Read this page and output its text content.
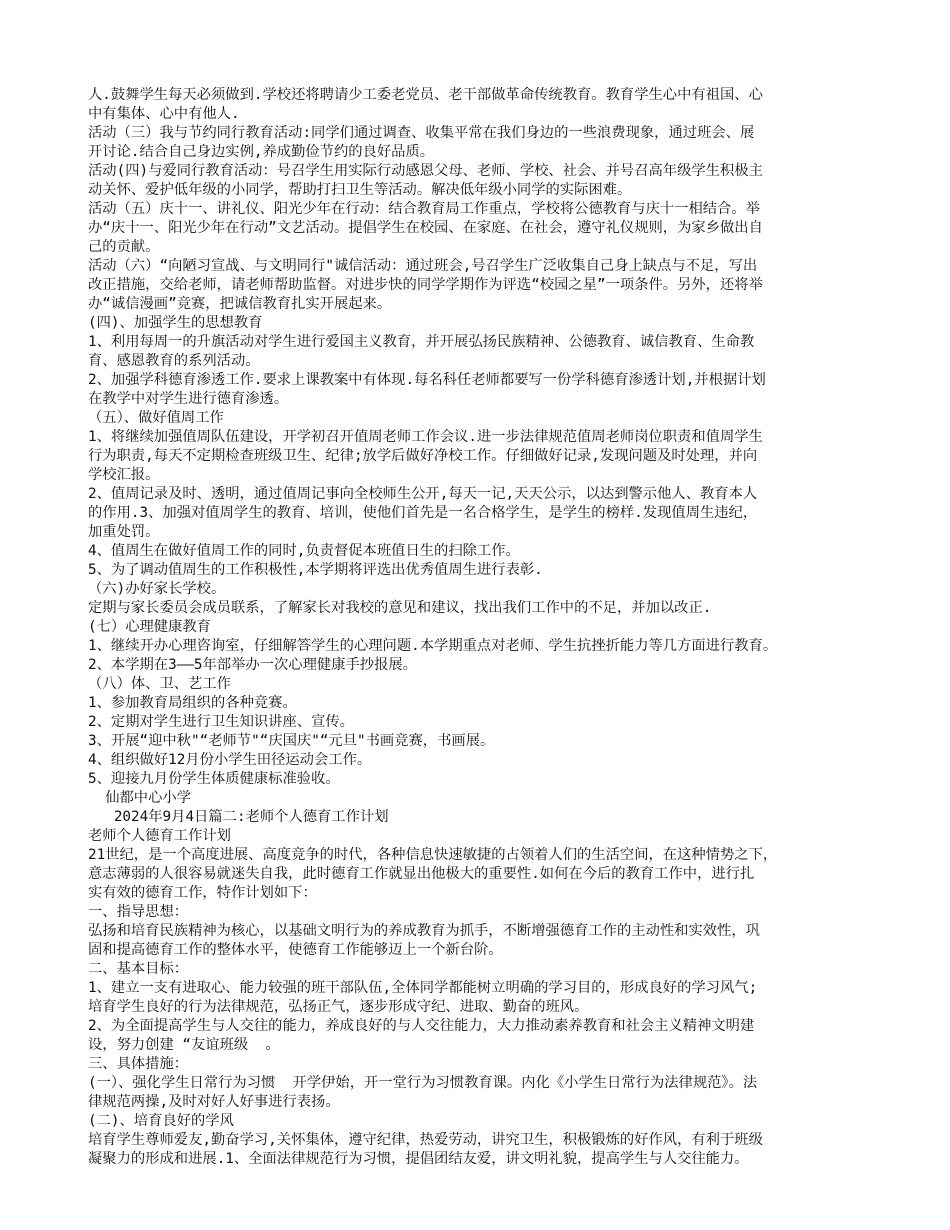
人.鼓舞学生每天必须做到.学校还将聘请少工委老党员、老干部做革命传统教育。教育学生心中有祖国、心
中有集体、心中有他人.
活动（三）我与节约同行教育活动:同学们通过调查、收集平常在我们身边的一些浪费现象，通过班会、展
开讨论.结合自己身边实例,养成勤俭节约的良好品质。
活动(四)与爱同行教育活动：号召学生用实际行动感恩父母、老师、学校、社会、并号召高年级学生积极主
动关怀、爱护低年级的小同学，帮助打扫卫生等活动。解决低年级小同学的实际困难。
活动（五）庆十一、讲礼仪、阳光少年在行动：结合教育局工作重点，学校将公德教育与庆十一相结合。举
办“庆十一、阳光少年在行动”文艺活动。提倡学生在校园、在家庭、在社会，遵守礼仪规则，为家乡做出自
己的贡献。
活动（六）“向陋习宣战、与文明同行"诚信活动：通过班会,号召学生广泛收集自己身上缺点与不足，写出
改正措施，交给老师，请老师帮助监督。对进步快的同学学期作为评选“校园之星”一项条件。另外，还将举
办“诚信漫画”竞赛，把诚信教育扎实开展起来。
(四)、加强学生的思想教育
1、利用每周一的升旗活动对学生进行爱国主义教育，并开展弘扬民族精神、公德教育、诚信教育、生命教
育、感恩教育的系列活动。
2、加强学科德育渗透工作.要求上课教案中有体现.每名科任老师都要写一份学科德育渗透计划,并根据计划
在教学中对学生进行德育渗透。
（五）、做好值周工作
1、将继续加强值周队伍建设，开学初召开值周老师工作会议.进一步法律规范值周老师岗位职责和值周学生
行为职责,每天不定期检查班级卫生、纪律;放学后做好净校工作。仔细做好记录,发现问题及时处理，并向
学校汇报。
2、值周记录及时、透明，通过值周记事向全校师生公开,每天一记,天天公示，以达到警示他人、教育本人
的作用.3、加强对值周学生的教育、培训，使他们首先是一名合格学生，是学生的榜样.发现值周生违纪，
加重处罚。
4、值周生在做好值周工作的同时,负责督促本班值日生的扫除工作。
5、为了调动值周生的工作积极性,本学期将评选出优秀值周生进行表彰.
（六)办好家长学校。
定期与家长委员会成员联系，了解家长对我校的意见和建议，找出我们工作中的不足，并加以改正.
(七）心理健康教育
1、继续开办心理咨询室，仔细解答学生的心理问题.本学期重点对老师、学生抗挫折能力等几方面进行教育。
2、本学期在3——5年部举办一次心理健康手抄报展。
（八）体、卫、艺工作
1、参加教育局组织的各种竞赛。
2、定期对学生进行卫生知识讲座、宣传。
3、开展“迎中秋"“老师节"“庆国庆"“元旦"书画竞赛，书画展。
4、组织做好12月份小学生田径运动会工作。
5、迎接九月份学生体质健康标准验收。
仙都中心小学
2024年9月4日篇二:老师个人德育工作计划
老师个人德育工作计划
21世纪，是一个高度进展、高度竞争的时代，各种信息快速敏捷的占领着人们的生活空间，在这种情势之下，
意志薄弱的人很容易就迷失自我，此时德育工作就显出他极大的重要性.如何在今后的教育工作中，进行扎
实有效的德育工作，特作计划如下：
一、指导思想：
弘扬和培育民族精神为核心，以基础文明行为的养成教育为抓手，不断增强德育工作的主动性和实效性，巩
固和提高德育工作的整体水平，使德育工作能够迈上一个新台阶。
二、基本目标：
1、建立一支有进取心、能力较强的班干部队伍,全体同学都能树立明确的学习目的，形成良好的学习风气;
培育学生良好的行为法律规范，弘扬正气，逐步形成守纪、进取、勤奋的班风。
2、为全面提高学生与人交往的能力，养成良好的与人交往能力，大力推动素养教育和社会主义精神文明建
设，努力创建 “友谊班级  。
三、具体措施：
(一）、强化学生日常行为习惯  开学伊始，开一堂行为习惯教育课。内化《小学生日常行为法律规范》。法
律规范两操,及时对好人好事进行表扬。
(二)、培育良好的学风
培育学生尊师爱友,勤奋学习,关怀集体，遵守纪律，热爱劳动，讲究卫生，积极锻炼的好作风，有利于班级
凝聚力的形成和进展.1、全面法律规范行为习惯，提倡团结友爱，讲文明礼貌，提高学生与人交往能力。
